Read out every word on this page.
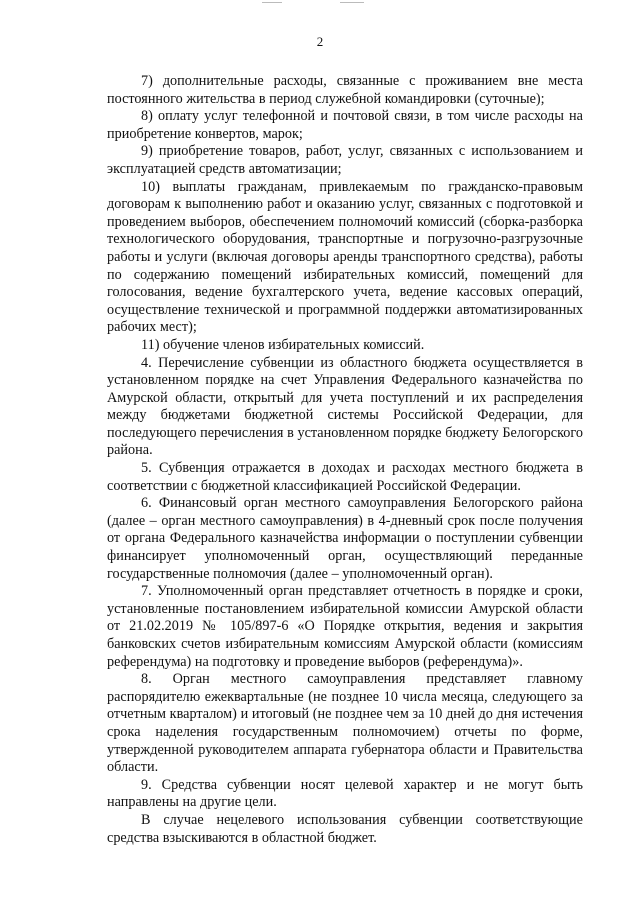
2

7) дополнительные расходы, связанные с проживанием вне места постоянного жительства в период служебной командировки (суточные);

8) оплату услуг телефонной и почтовой связи, в том числе расходы на приобретение конвертов, марок;

9) приобретение товаров, работ, услуг, связанных с использованием и эксплуатацией средств автоматизации;

10) выплаты гражданам, привлекаемым по гражданско-правовым договорам к выполнению работ и оказанию услуг, связанных с подготовкой и проведением выборов, обеспечением полномочий комиссий (сборка-разборка технологического оборудования, транспортные и погрузочно-разгрузочные работы и услуги (включая договоры аренды транспортного средства), работы по содержанию помещений избирательных комиссий, помещений для голосования, ведение бухгалтерского учета, ведение кассовых операций, осуществление технической и программной поддержки автоматизированных рабочих мест);

11) обучение членов избирательных комиссий.

4. Перечисление субвенции из областного бюджета осуществляется в установленном порядке на счет Управления Федерального казначейства по Амурской области, открытый для учета поступлений и их распределения между бюджетами бюджетной системы Российской Федерации, для последующего перечисления в установленном порядке бюджету Белогорского района.

5. Субвенция отражается в доходах и расходах местного бюджета в соответствии с бюджетной классификацией Российской Федерации.

6. Финансовый орган местного самоуправления Белогорского района (далее – орган местного самоуправления) в 4-дневный срок после получения от органа Федерального казначейства информации о поступлении субвенции финансирует уполномоченный орган, осуществляющий переданные государственные полномочия (далее – уполномоченный орган).

7. Уполномоченный орган представляет отчетность в порядке и сроки, установленные постановлением избирательной комиссии Амурской области от 21.02.2019 № 105/897-6 «О Порядке открытия, ведения и закрытия банковских счетов избирательным комиссиям Амурской области (комиссиям референдума) на подготовку и проведение выборов (референдума)».

8. Орган местного самоуправления представляет главному распорядителю ежеквартальные (не позднее 10 числа месяца, следующего за отчетным кварталом) и итоговый (не позднее чем за 10 дней до дня истечения срока наделения государственным полномочием) отчеты по форме, утвержденной руководителем аппарата губернатора области и Правительства области.

9. Средства субвенции носят целевой характер и не могут быть направлены на другие цели.

В случае нецелевого использования субвенции соответствующие средства взыскиваются в областной бюджет.
